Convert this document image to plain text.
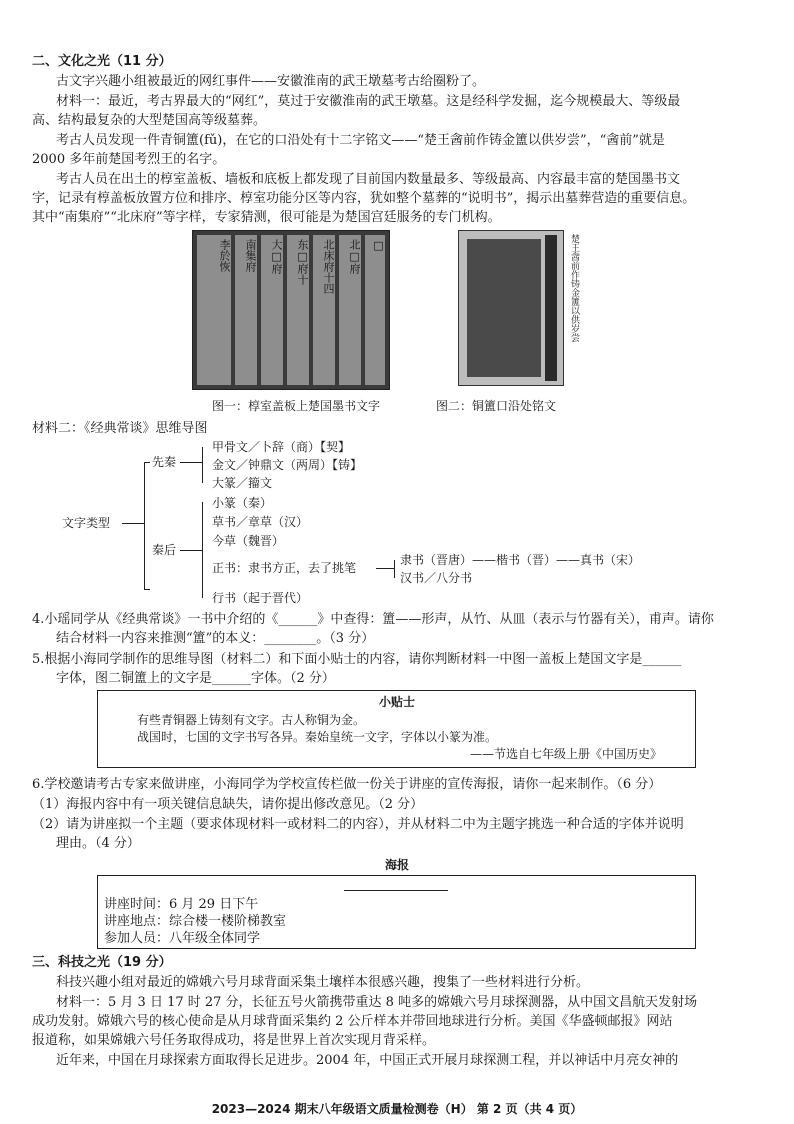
二、文化之光（11 分）
古文字兴趣小组被最近的网红事件——安徽淮南的武王墩墓考古给圈粉了。
材料一：最近，考古界最大的“网红”，莫过于安徽淮南的武王墩墓。这是经科学发掘，迄今规模最大、等级最
高、结构最复杂的大型楚国高等级墓葬。
考古人员发现一件青铜簠(fǔ)，在它的口沿处有十二字铭文——“楚王酓前作铸金簠以供岁尝”，“酓前”就是
2000 多年前楚国考烈王的名字。
考古人员在出土的椁室盖板、墙板和底板上都发现了目前国内数量最多、等级最高、内容最丰富的楚国墨书文
字，记录有椁盖板放置方位和排序、椁室功能分区等内容，犹如整个墓葬的“说明书”，揭示出墓葬营造的重要信息。
其中“南集府”“北床府”等字样，专家猜测，很可能是为楚国宫廷服务的专门机构。
李於恢	南集府	大□府	东□府十	北床府十四	北□府	□	楚王酓前作铸金簠以供岁尝
图一：椁室盖板上楚国墨书文字	图二：铜簠口沿处铭文
材料二：《经典常谈》思维导图
文字类型
先秦
甲骨文／卜辞（商）【契】
金文／钟鼎文（两周）【铸】
大篆／籀文
秦后
小篆（秦）
草书／章草（汉）
今草（魏晋）
正书：隶书方正，去了挑笔
隶书（晋唐）——楷书（晋）——真书（宋）
汉书／八分书
行书（起于晋代）
4.小瑶同学从《经典常谈》一书中介绍的《______》中查得：簠——形声，从竹、从皿（表示与竹器有关），甫声。请你
结合材料一内容来推测“簠”的本义：________。（3 分）
5.根据小海同学制作的思维导图（材料二）和下面小贴士的内容，请你判断材料一中图一盖板上楚国文字是______
字体，图二铜簠上的文字是______字体。（2 分）
小贴士
有些青铜器上铸刻有文字。古人称铜为金。
战国时，七国的文字书写各异。秦始皇统一文字，字体以小篆为准。
——节选自七年级上册《中国历史》
6.学校邀请考古专家来做讲座，小海同学为学校宣传栏做一份关于讲座的宣传海报，请你一起来制作。（6 分）
（1）海报内容中有一项关键信息缺失，请你提出修改意见。（2 分）
（2）请为讲座拟一个主题（要求体现材料一或材料二的内容），并从材料二中为主题字挑选一种合适的字体并说明
理由。（4 分）
海报
讲座时间：6 月 29 日下午
讲座地点：综合楼一楼阶梯教室
参加人员：八年级全体同学
三、科技之光（19 分）
科技兴趣小组对最近的嫦娥六号月球背面采集土壤样本很感兴趣，搜集了一些材料进行分析。
材料一：5 月 3 日 17 时 27 分，长征五号火箭携带重达 8 吨多的嫦娥六号月球探测器，从中国文昌航天发射场
成功发射。嫦娥六号的核心使命是从月球背面采集约 2 公斤样本并带回地球进行分析。美国《华盛顿邮报》网站
报道称，如果嫦娥六号任务取得成功，将是世界上首次实现月背采样。
近年来，中国在月球探索方面取得长足进步。2004 年，中国正式开展月球探测工程，并以神话中月亮女神的
2023—2024 期末八年级语文质量检测卷（H） 第 2 页（共 4 页）
